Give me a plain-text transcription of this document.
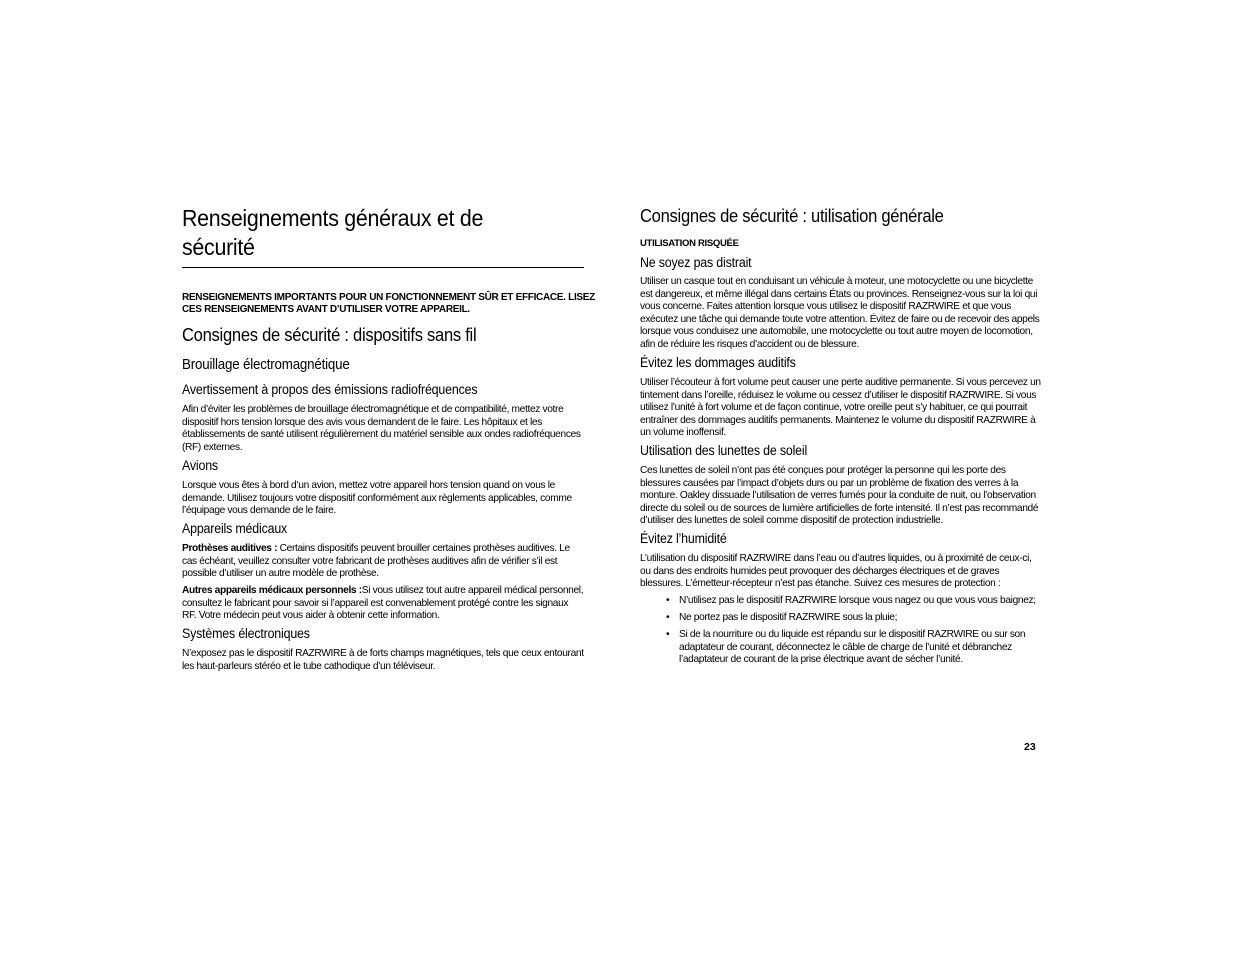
Renseignements généraux et de
sécurité
RENSEIGNEMENTS IMPORTANTS POUR UN FONCTIONNEMENT SÛR ET EFFICACE. LISEZ
CES RENSEIGNEMENTS AVANT D’UTILISER VOTRE APPAREIL.
Consignes de sécurité : dispositifs sans fil
Brouillage électromagnétique
Avertissement à propos des émissions radiofréquences

Afin d’éviter les problèmes de brouillage électromagnétique et de compatibilité, mettez votre dispositif hors tension lorsque des avis vous demandent de le faire. Les hôpitaux et les établissements de santé utilisent régulièrement du matériel sensible aux ondes radiofréquences (RF) externes.

Avions

Lorsque vous êtes à bord d’un avion, mettez votre appareil hors tension quand on vous le demande. Utilisez toujours votre dispositif conformément aux règlements applicables, comme l’équipage vous demande de le faire.

Appareils médicaux

Prothèses auditives : Certains dispositifs peuvent brouiller certaines prothèses auditives. Le cas échéant, veuillez consulter votre fabricant de prothèses auditives afin de vérifier s’il est possible d’utiliser un autre modèle de prothèse.

Autres appareils médicaux personnels :Si vous utilisez tout autre appareil médical personnel, consultez le fabricant pour savoir si l’appareil est convenablement protégé contre les signaux RF. Votre médecin peut vous aider à obtenir cette information.

Systèmes électroniques

N’exposez pas le dispositif RAZRWIRE à de forts champs magnétiques, tels que ceux entourant les haut-parleurs stéréo et le tube cathodique d’un téléviseur.

Consignes de sécurité : utilisation générale
UTILISATION RISQUÉE
Ne soyez pas distrait

Utiliser un casque tout en conduisant un véhicule à moteur, une motocyclette ou une bicyclette est dangereux, et même illégal dans certains États ou provinces. Renseignez-vous sur la loi qui vous concerne. Faites attention lorsque vous utilisez le dispositif RAZRWIRE et que vous exécutez une tâche qui demande toute votre attention. Évitez de faire ou de recevoir des appels lorsque vous conduisez une automobile, une motocyclette ou tout autre moyen de locomotion, afin de réduire les risques d’accident ou de blessure.

Évitez les dommages auditifs

Utiliser l’écouteur à fort volume peut causer une perte auditive permanente. Si vous percevez un tintement dans l’oreille, réduisez le volume ou cessez d’utiliser le dispositif RAZRWIRE. Si vous utilisez l’unité à fort volume et de façon continue, votre oreille peut s’y habituer, ce qui pourrait entraîner des dommages auditifs permanents. Maintenez le volume du dispositif RAZRWIRE à un volume inoffensif.

Utilisation des lunettes de soleil

Ces lunettes de soleil n’ont pas été conçues pour protéger la personne qui les porte des blessures causées par l’impact d’objets durs ou par un problème de fixation des verres à la monture. Oakley dissuade l’utilisation de verres fumés pour la conduite de nuit, ou l’observation directe du soleil ou de sources de lumière artificielles de forte intensité. Il n’est pas recommandé d’utiliser des lunettes de soleil comme dispositif de protection industrielle.

Évitez l’humidité

L’utilisation du dispositif RAZRWIRE dans l’eau ou d’autres liquides, ou à proximité de ceux-ci, ou dans des endroits humides peut provoquer des décharges électriques et de graves blessures. L’émetteur-récepteur n’est pas étanche. Suivez ces mesures de protection :

• N’utilisez pas le dispositif RAZRWIRE lorsque vous nagez ou que vous vous baignez;
• Ne portez pas le dispositif RAZRWIRE sous la pluie;
• Si de la nourriture ou du liquide est répandu sur le dispositif RAZRWIRE ou sur son adaptateur de courant, déconnectez le câble de charge de l’unité et débranchez l’adaptateur de courant de la prise électrique avant de sécher l’unité.
23
